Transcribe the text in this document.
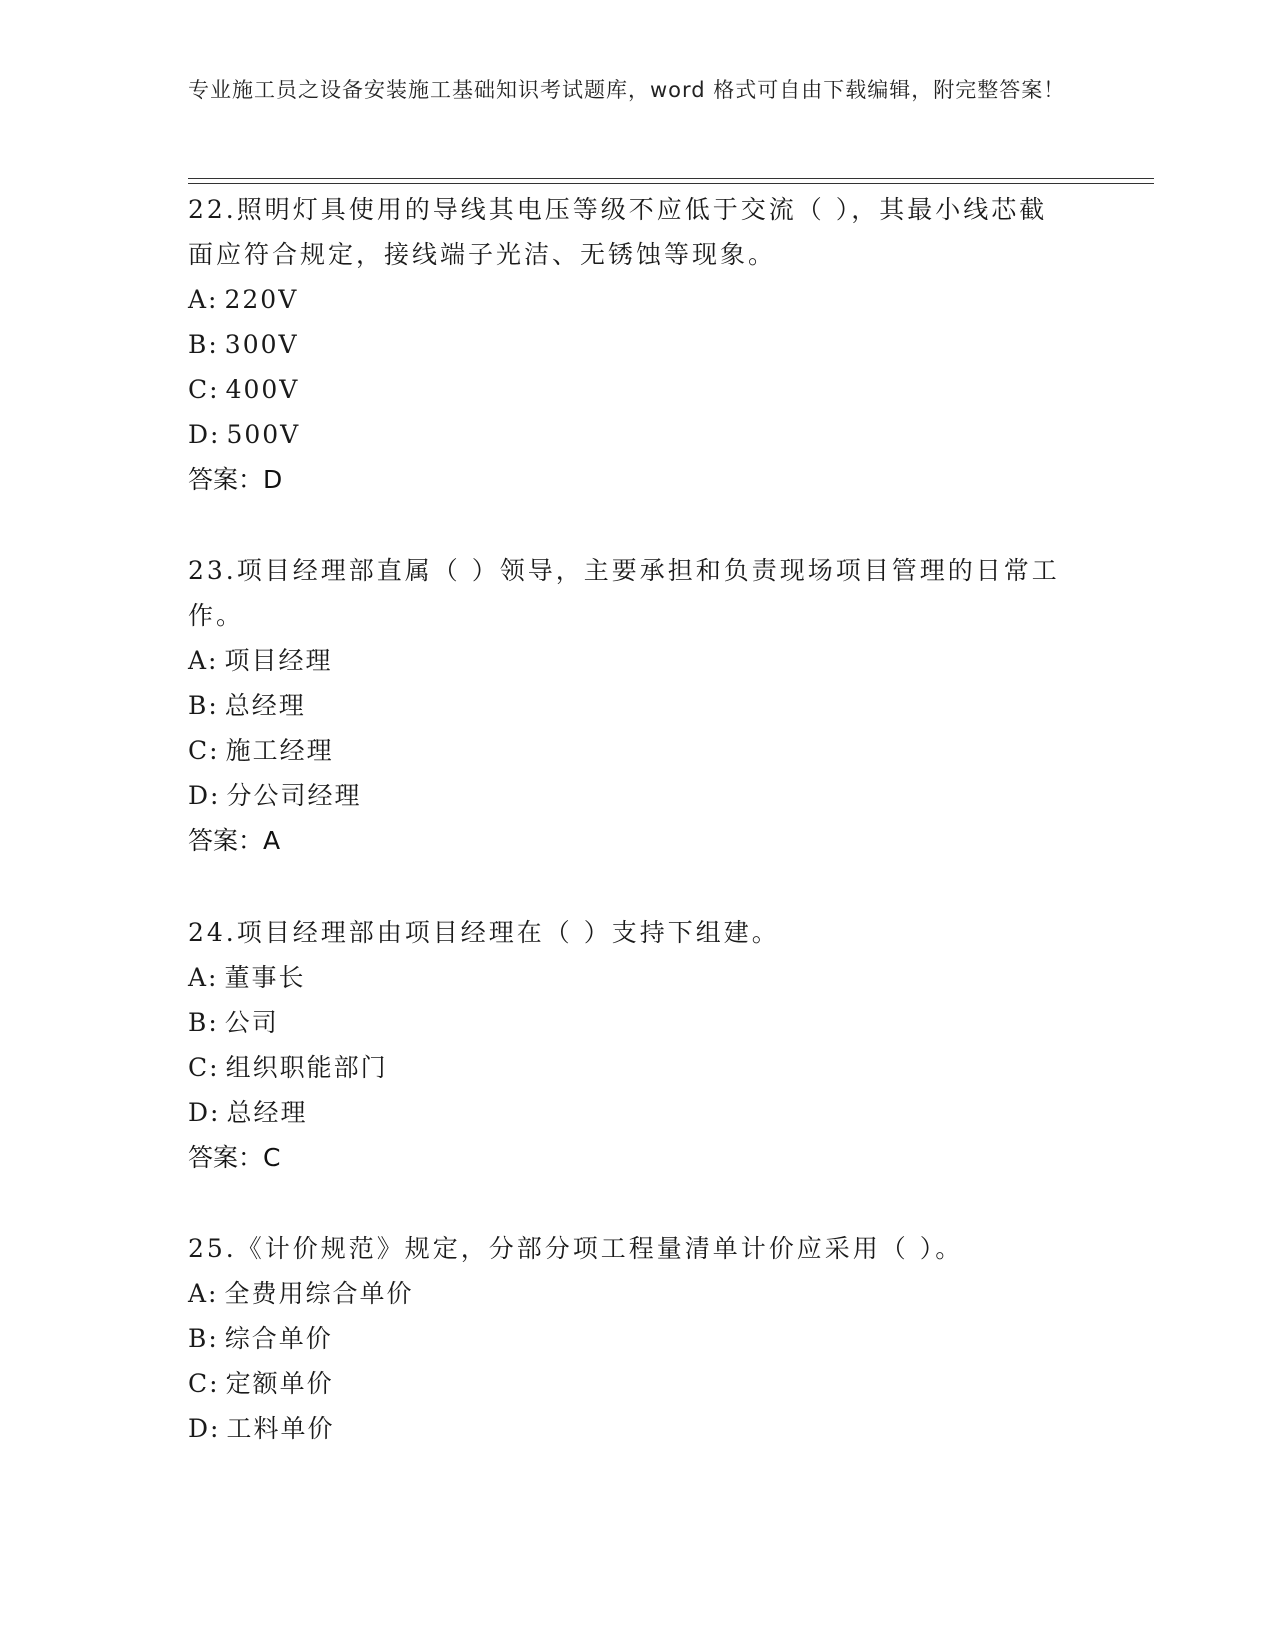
专业施工员之设备安装施工基础知识考试题库，word 格式可自由下载编辑，附完整答案！

22.照明灯具使用的导线其电压等级不应低于交流（ ），其最小线芯截面应符合规定，接线端子光洁、无锈蚀等现象。

A: 220V

B: 300V

C: 400V

D: 500V

答案：D

23.项目经理部直属（ ）领导，主要承担和负责现场项目管理的日常工作。

A: 项目经理

B: 总经理

C: 施工经理

D: 分公司经理

答案：A

24.项目经理部由项目经理在（ ）支持下组建。

A: 董事长

B: 公司

C: 组织职能部门

D: 总经理

答案：C

25.《计价规范》规定，分部分项工程量清单计价应采用（ ）。

A: 全费用综合单价

B: 综合单价

C: 定额单价

D: 工料单价
